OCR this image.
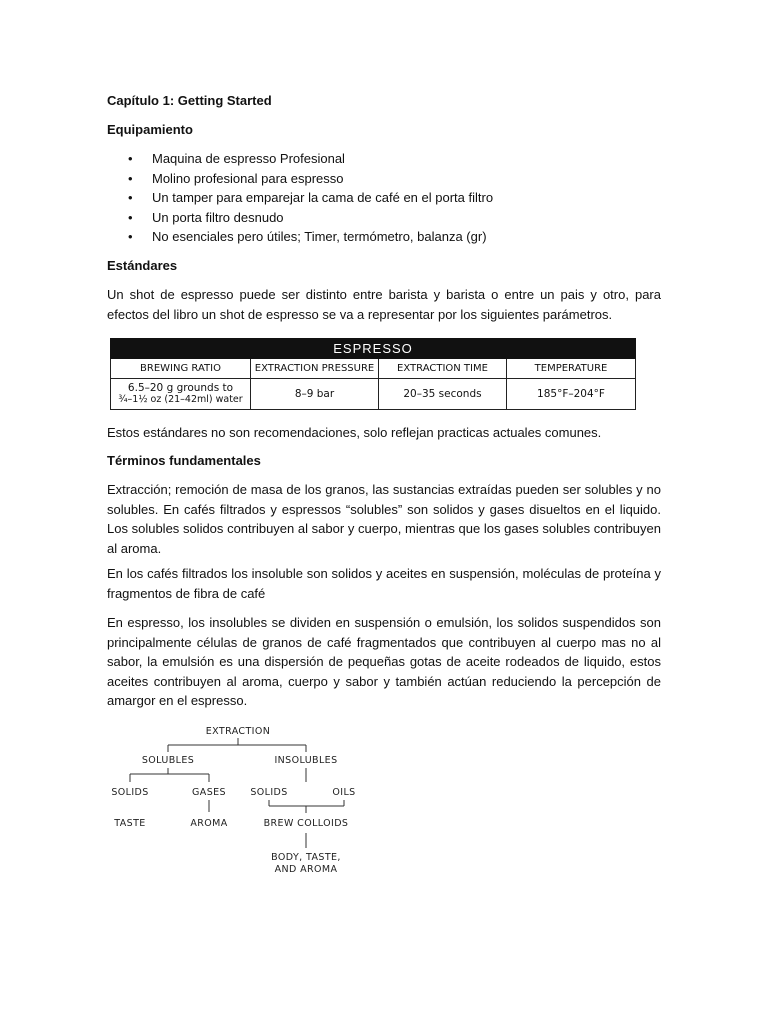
Capítulo 1: Getting Started
Equipamiento
• Maquina de espresso Profesional
• Molino profesional para espresso
• Un tamper para emparejar la cama de café en el porta filtro
• Un porta filtro desnudo
• No esenciales pero útiles; Timer, termómetro, balanza (gr)
Estándares

Un shot de espresso puede ser distinto entre barista y barista o entre un pais y otro, para efectos del libro un shot de espresso se va a representar por los siguientes parámetros.

ESPRESSO			
BREWING RATIO	EXTRACTION PRESSURE	EXTRACTION TIME	TEMPERATURE

6.5–20 g grounds to
¾–1½ oz (21–42ml) water	8–9 bar	20–35 seconds	185°F–204°F

Estos estándares no son recomendaciones, solo reflejan practicas actuales comunes.

Términos fundamentales

Extracción; remoción de masa de los granos, las sustancias extraídas pueden ser solubles y no solubles. En cafés filtrados y espressos “solubles” son solidos y gases disueltos en el liquido. Los solubles solidos contribuyen al sabor y cuerpo, mientras que los gases solubles contribuyen al aroma.

En los cafés filtrados los insoluble son solidos y aceites en suspensión, moléculas de proteína y fragmentos de fibra de café

En espresso, los insolubles se dividen en suspensión o emulsión, los solidos suspendidos son principalmente células de granos de café fragmentados que contribuyen al cuerpo mas no al sabor, la emulsión es una dispersión de pequeñas gotas de aceite rodeados de liquido, estos aceites contribuyen al aroma, cuerpo y sabor y también actúan reduciendo la percepción de amargor en el espresso.

EXTRACTION
SOLUBLES	INSOLUBLES
SOLIDS	GASES	SOLIDS	OILS
TASTE	AROMA	BREW COLLOIDS
BODY, TASTE,
AND AROMA
